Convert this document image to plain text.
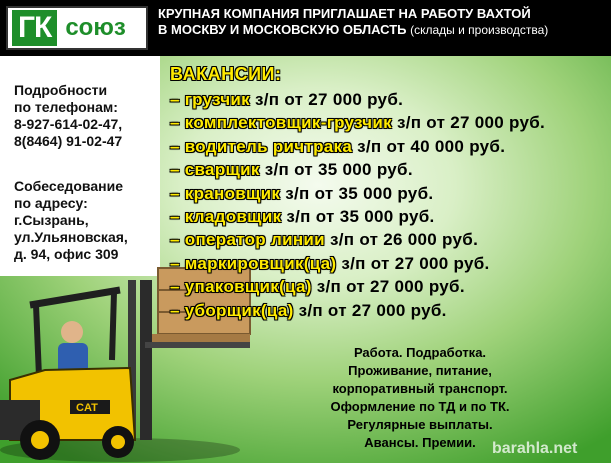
ГК союз
КРУПНАЯ КОМПАНИЯ ПРИГЛАШАЕТ НА РАБОТУ ВАХТОЙ
В МОСКВУ И МОСКОВСКУЮ ОБЛАСТЬ (склады и производства)
Подробности
по телефонам:
8-927-614-02-47,
8(8464) 91-02-47
Собеседование
по адресу:
г.Сызрань,
ул.Ульяновская,
д. 94, офис 309
CAT
ВАКАНСИИ:
– грузчик з/п от 27 000 руб.
– комплектовщик-грузчик з/п от 27 000 руб.
– водитель ричтрака з/п от 40 000 руб.
– сварщик з/п от 35 000 руб.
– крановщик з/п от 35 000 руб.
– кладовщик з/п от 35 000 руб.
– оператор линии з/п от 26 000 руб.
– маркировщик(ца) з/п от 27 000 руб.
– упаковщик(ца) з/п от 27 000 руб.
– уборщик(ца) з/п от 27 000 руб.
Работа. Подработка.
Проживание, питание,
корпоративный транспорт.
Оформление по ТД и по ТК.
Регулярные выплаты.
Авансы. Премии.	barahla.net
